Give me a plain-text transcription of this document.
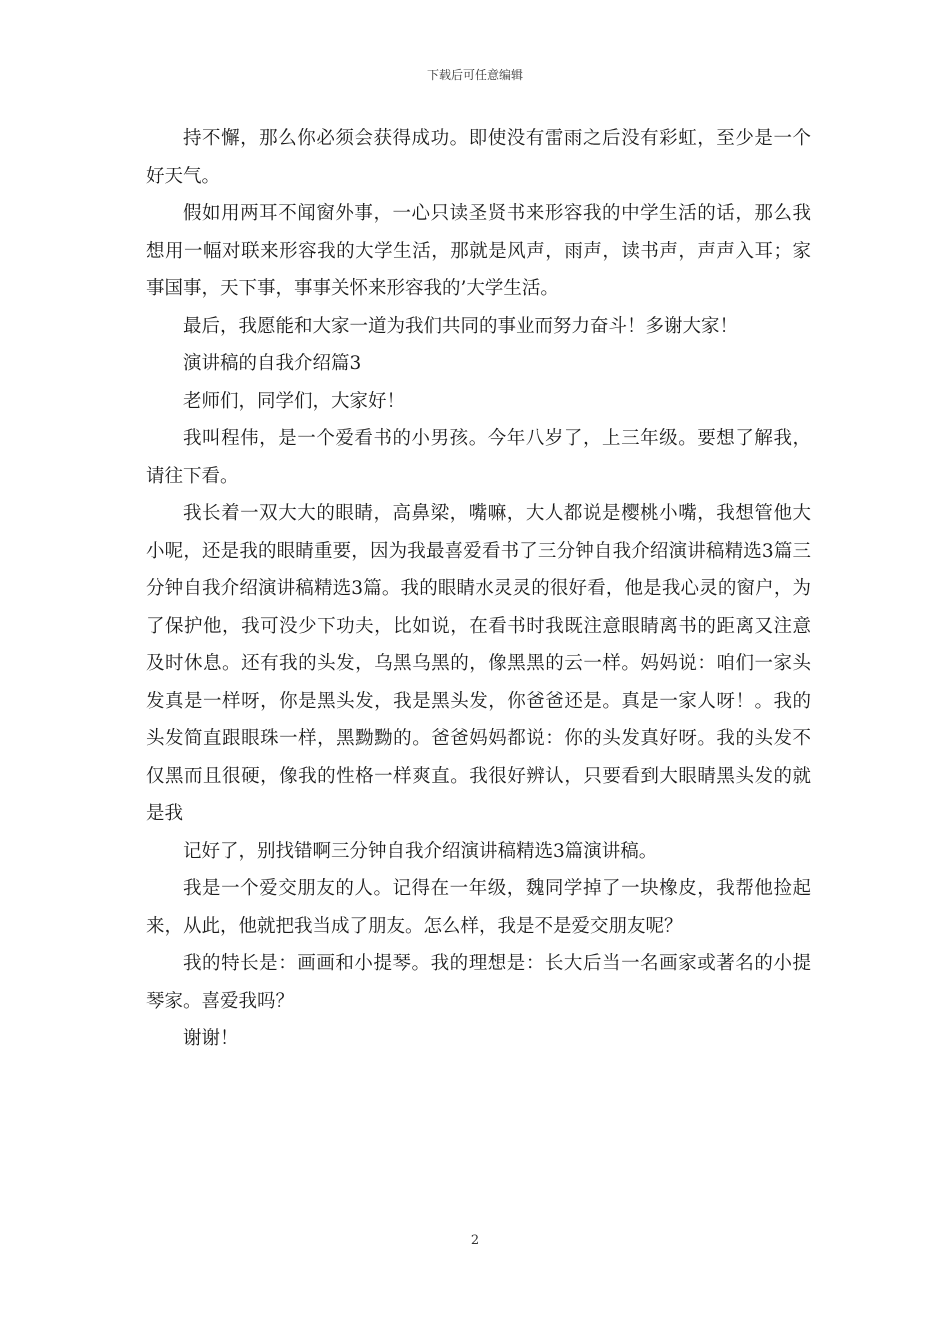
下载后可任意编辑

持不懈，那么你必须会获得成功。即使没有雷雨之后没有彩虹，至少是一个好天气。

假如用两耳不闻窗外事，一心只读圣贤书来形容我的中学生活的话，那么我想用一幅对联来形容我的大学生活，那就是风声，雨声，读书声，声声入耳；家事国事，天下事，事事关怀来形容我的’大学生活。

最后，我愿能和大家一道为我们共同的事业而努力奋斗！多谢大家！

演讲稿的自我介绍篇3

老师们，同学们，大家好！

我叫程伟，是一个爱看书的小男孩。今年八岁了，上三年级。要想了解我，请往下看。

我长着一双大大的眼睛，高鼻梁，嘴嘛，大人都说是樱桃小嘴，我想管他大小呢，还是我的眼睛重要，因为我最喜爱看书了三分钟自我介绍演讲稿精选3篇三分钟自我介绍演讲稿精选3篇。我的眼睛水灵灵的很好看，他是我心灵的窗户，为了保护他，我可没少下功夫，比如说，在看书时我既注意眼睛离书的距离又注意及时休息。还有我的头发，乌黑乌黑的，像黑黑的云一样。妈妈说：咱们一家头发真是一样呀，你是黑头发，我是黑头发，你爸爸还是。真是一家人呀！。我的头发简直跟眼珠一样，黑黝黝的。爸爸妈妈都说：你的头发真好呀。我的头发不仅黑而且很硬，像我的性格一样爽直。我很好辨认，只要看到大眼睛黑头发的就是我

记好了，别找错啊三分钟自我介绍演讲稿精选3篇演讲稿。

我是一个爱交朋友的人。记得在一年级，魏同学掉了一块橡皮，我帮他捡起来，从此，他就把我当成了朋友。怎么样，我是不是爱交朋友呢？

我的特长是：画画和小提琴。我的理想是：长大后当一名画家或著名的小提琴家。喜爱我吗？

谢谢！

2
